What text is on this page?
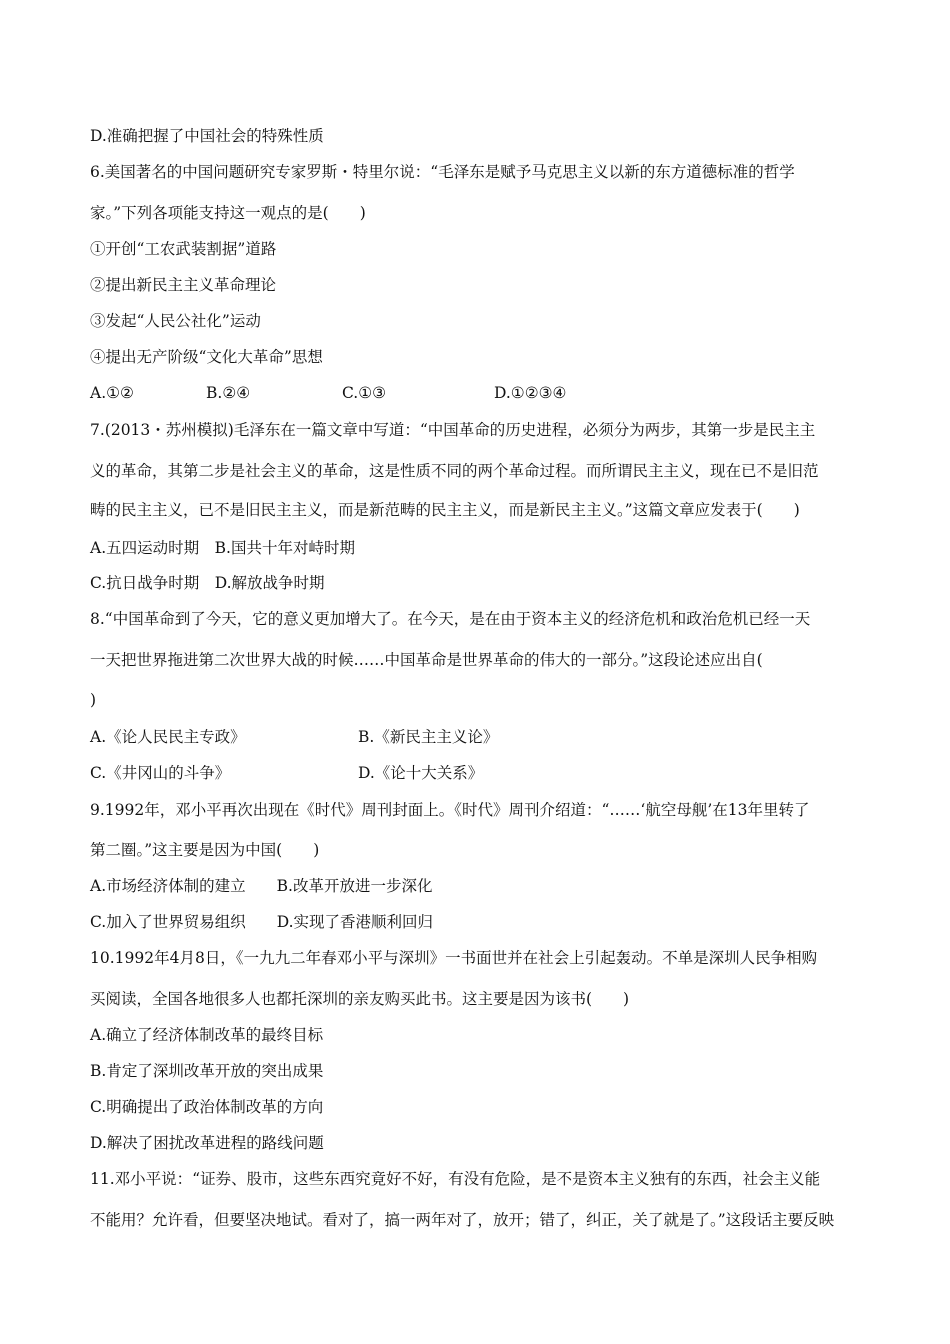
D.准确把握了中国社会的特殊性质
6.美国著名的中国问题研究专家罗斯・特里尔说：“毛泽东是赋予马克思主义以新的东方道德标准的哲学
家。”下列各项能支持这一观点的是(　　)
①开创“工农武装割据”道路
②提出新民主主义革命理论
③发起“人民公社化”运动
④提出无产阶级“文化大革命”思想
A.①②	B.②④	C.①③	D.①②③④
7.(2013・苏州模拟)毛泽东在一篇文章中写道：“中国革命的历史进程，必须分为两步，其第一步是民主主
义的革命，其第二步是社会主义的革命，这是性质不同的两个革命过程。而所谓民主主义，现在已不是旧范
畴的民主主义，已不是旧民主主义，而是新范畴的民主主义，而是新民主主义。”这篇文章应发表于(　　)
A.五四运动时期　B.国共十年对峙时期
C.抗日战争时期　D.解放战争时期
8.“中国革命到了今天，它的意义更加增大了。在今天，是在由于资本主义的经济危机和政治危机已经一天
一天把世界拖进第二次世界大战的时候……中国革命是世界革命的伟大的一部分。”这段论述应出自(
)
A.《论人民民主专政》	B.《新民主主义论》
C.《井冈山的斗争》	D.《论十大关系》
9.1992年，邓小平再次出现在《时代》周刊封面上。《时代》周刊介绍道：“……‘航空母舰’在13年里转了
第二圈。”这主要是因为中国(　　)
A.市场经济体制的建立　　B.改革开放进一步深化
C.加入了世界贸易组织　　D.实现了香港顺利回归
10.1992年4月8日，《一九九二年春邓小平与深圳》一书面世并在社会上引起轰动。不单是深圳人民争相购
买阅读，全国各地很多人也都托深圳的亲友购买此书。这主要是因为该书(　　)
A.确立了经济体制改革的最终目标
B.肯定了深圳改革开放的突出成果
C.明确提出了政治体制改革的方向
D.解决了困扰改革进程的路线问题
11.邓小平说：“证券、股市，这些东西究竟好不好，有没有危险，是不是资本主义独有的东西，社会主义能
不能用？允许看，但要坚决地试。看对了，搞一两年对了，放开；错了，纠正，关了就是了。”这段话主要反映
